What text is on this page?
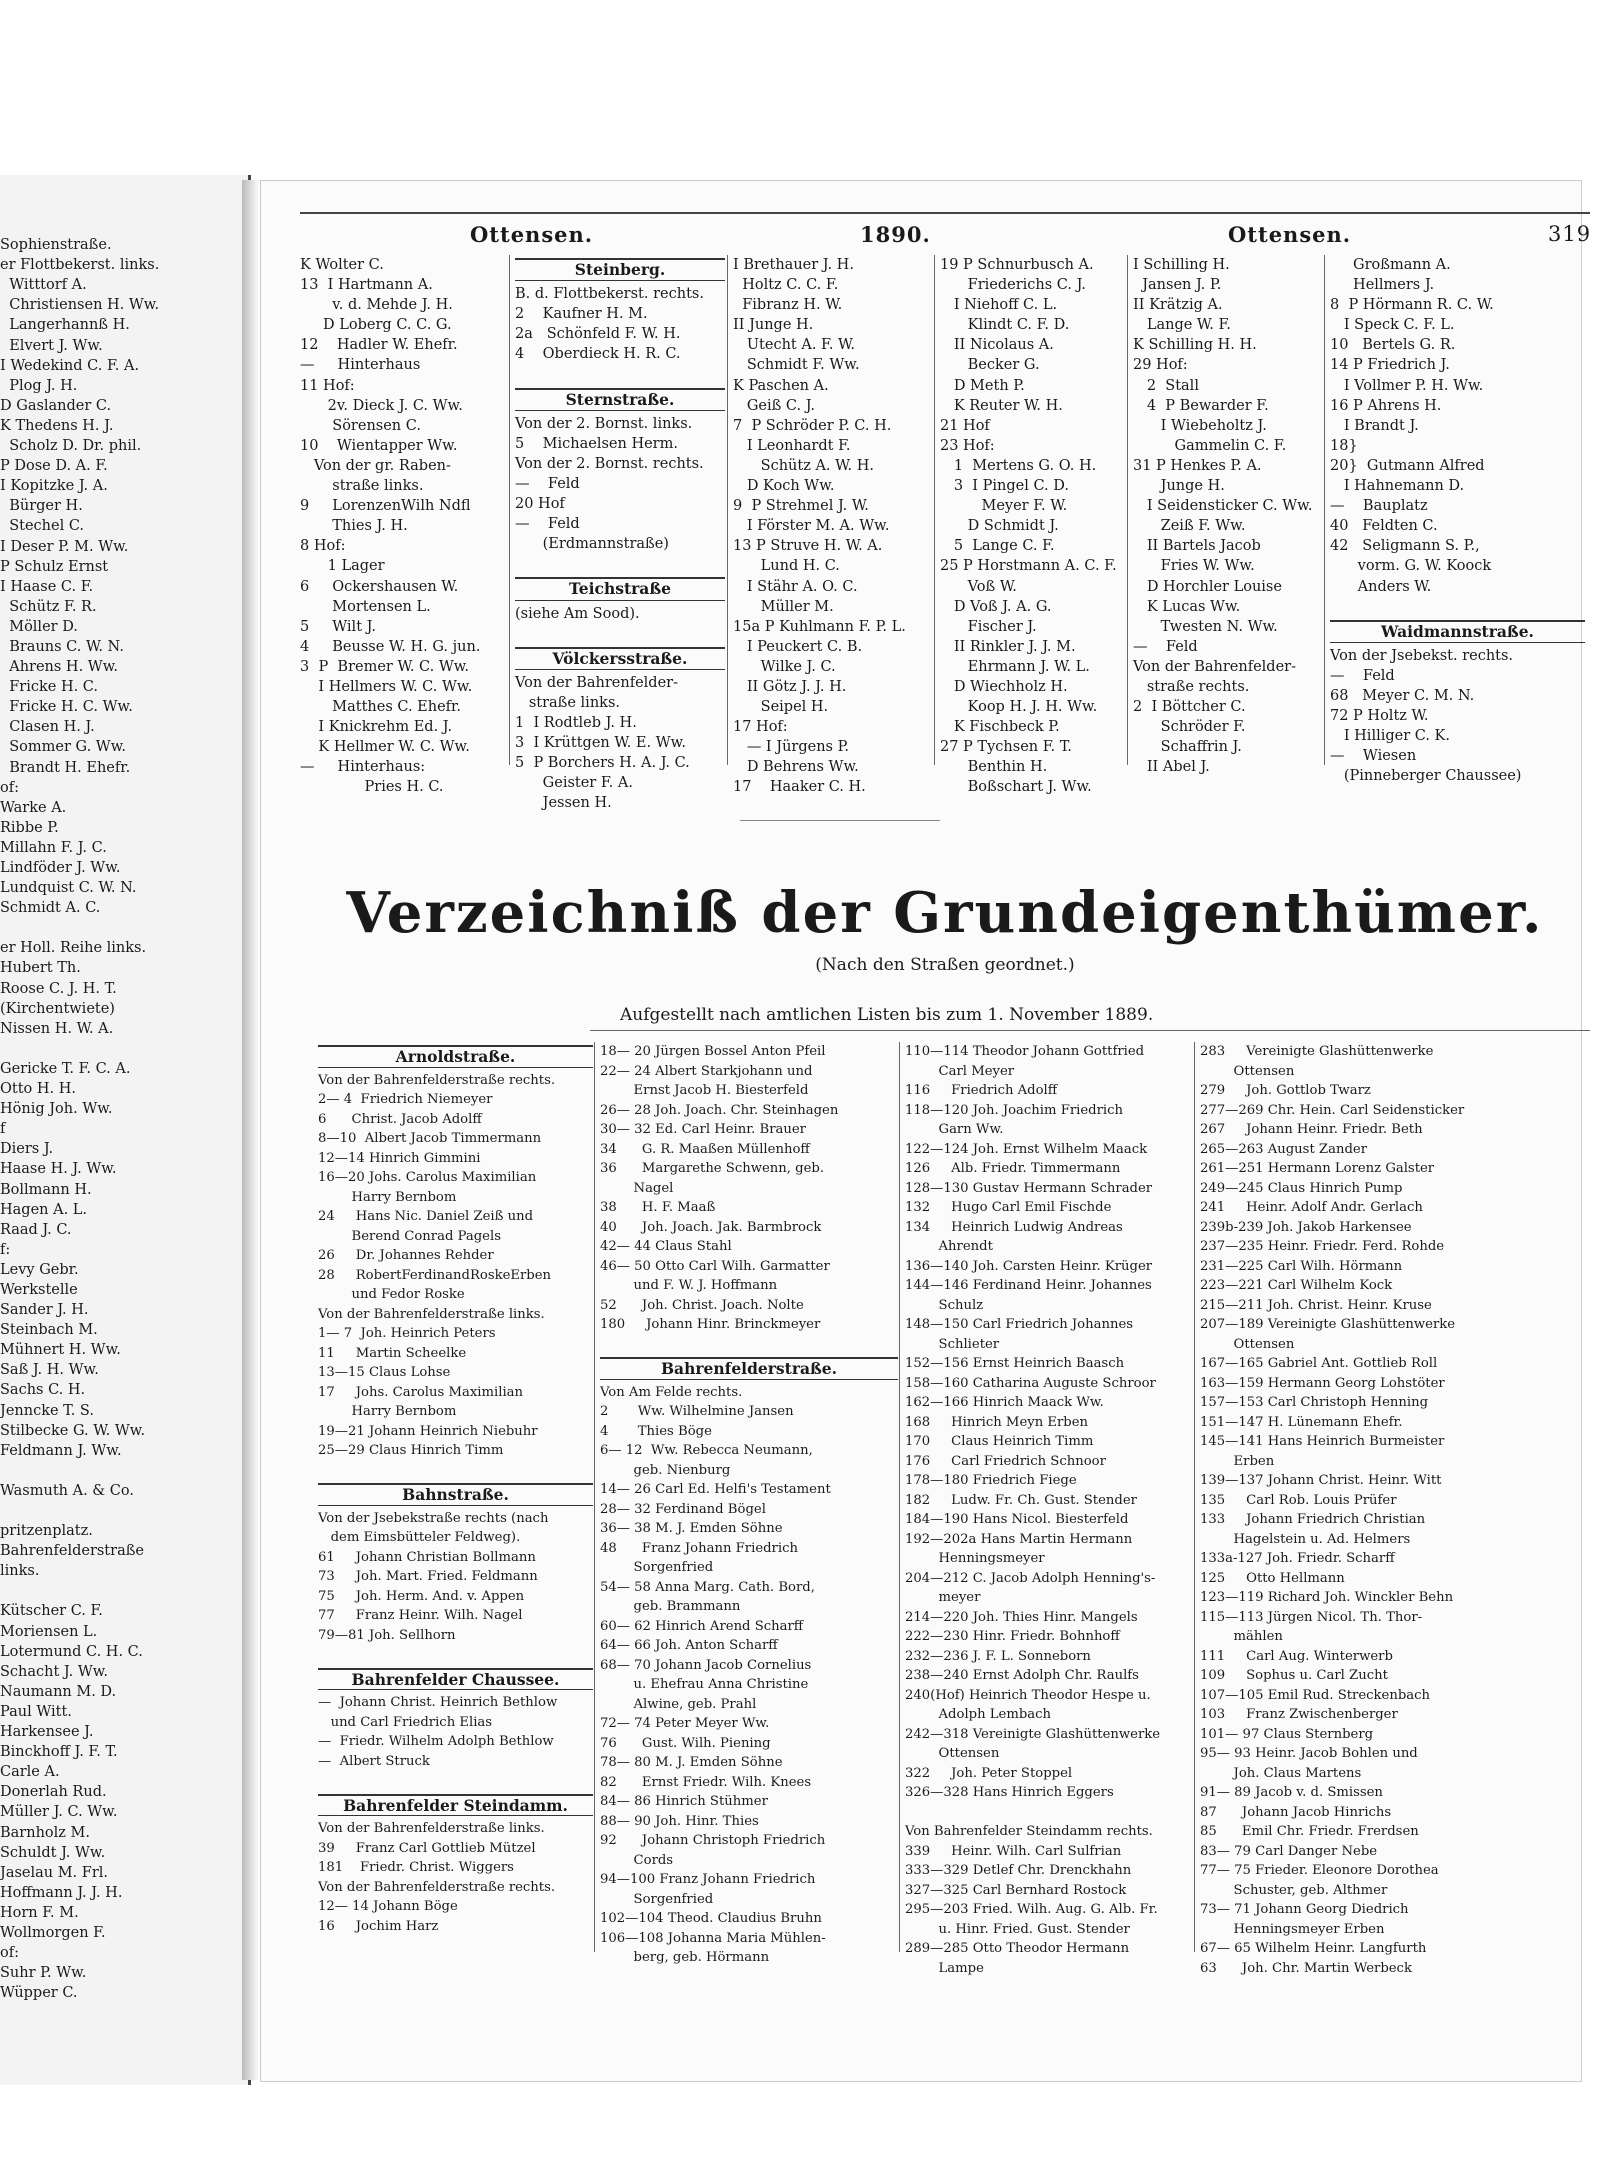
Sophienstraße.
er Flottbekerst. links.
Witttorf A.
Christiensen H. Ww.
Langerhannß H.
Elvert J. Ww.
I Wedekind C. F. A.
Plog J. H.
D Gaslander C.
K Thedens H. J.
Scholz D. Dr. phil.
P Dose D. A. F.
I Kopitzke J. A.
Bürger H.
Stechel C.
I Deser P. M. Ww.
P Schulz Ernst
I Haase C. F.
Schütz F. R.
Möller D.
Brauns C. W. N.
Ahrens H. Ww.
Fricke H. C.
Fricke H. C. Ww.
Clasen H. J.
Sommer G. Ww.
Brandt H. Ehefr.
of:
Warke A.
Ribbe P.
Millahn F. J. C.
Lindföder J. Ww.
Lundquist C. W. N.
Schmidt A. C.

er Holl. Reihe links.
Hubert Th.
Roose C. J. H. T.
(Kirchentwiete)
Nissen H. W. A.

Gericke T. F. C. A.
Otto H. H.
Hönig Joh. Ww.
f
Diers J.
Haase H. J. Ww.
Bollmann H.
Hagen A. L.
Raad J. C.
f:
Levy Gebr.
Werkstelle
Sander J. H.
Steinbach M.
Mühnert H. Ww.
Saß J. H. Ww.
Sachs C. H.
Jenncke T. S.
Stilbecke G. W. Ww.
Feldmann J. Ww.

Wasmuth A. & Co.

pritzenplatz.
Bahrenfelderstraße
links.

Kütscher C. F.
Moriensen L.
Lotermund C. H. C.
Schacht J. Ww.
Naumann M. D.
Paul Witt.
Harkensee J.
Binckhoff J. F. T.
Carle A.
Donerlah Rud.
Müller J. C. Ww.
Barnholz M.
Schuldt J. Ww.
Jaselau M. Frl.
Hoffmann J. J. H.
Horn F. M.
Wollmorgen F.
of:
Suhr P. Ww.
Wüpper C.
Ottensen.	1890.	Ottensen.	319
K Wolter C.
13  I Hartmann A.
v. d. Mehde J. H.
D Loberg C. C. G.
12    Hadler W. Ehefr.
—     Hinterhaus
11 Hof:
2v. Dieck J. C. Ww.
Sörensen C.
10    Wientapper Ww.
Von der gr. Raben-
straße links.
9     LorenzenWilh Ndfl
Thies J. H.
8 Hof:
1 Lager
6     Ockershausen W.
Mortensen L.
5     Wilt J.
4     Beusse W. H. G. jun.
3  P  Bremer W. C. Ww.
I Hellmers W. C. Ww.
Matthes C. Ehefr.
I Knickrehm Ed. J.
K Hellmer W. C. Ww.
—     Hinterhaus:
Pries H. C.
Steinberg.
B. d. Flottbekerst. rechts.
2    Kaufner H. M.
2a   Schönfeld F. W. H.
4    Oberdieck H. R. C.

Sternstraße.
Von der 2. Bornst. links.
5    Michaelsen Herm.
Von der 2. Bornst. rechts.
—    Feld
20 Hof
—    Feld
(Erdmannstraße)

Teichstraße
(siehe Am Sood).

Völckersstraße.
Von der Bahrenfelder-
straße links.
1  I Rodtleb J. H.
3  I Krüttgen W. E. Ww.
5  P Borchers H. A. J. C.
Geister F. A.
Jessen H.
I Brethauer J. H.
Holtz C. C. F.
Fibranz H. W.
II Junge H.
Utecht A. F. W.
Schmidt F. Ww.
K Paschen A.
Geiß C. J.
7  P Schröder P. C. H.
I Leonhardt F.
Schütz A. W. H.
D Koch Ww.
9  P Strehmel J. W.
I Förster M. A. Ww.
13 P Struve H. W. A.
Lund H. C.
I Stähr A. O. C.
Müller M.
15a P Kuhlmann F. P. L.
I Peuckert C. B.
Wilke J. C.
II Götz J. J. H.
Seipel H.
17 Hof:
— I Jürgens P.
D Behrens Ww.
17    Haaker C. H.
19 P Schnurbusch A.
Friederichs C. J.
I Niehoff C. L.
Klindt C. F. D.
II Nicolaus A.
Becker G.
D Meth P.
K Reuter W. H.
21 Hof
23 Hof:
1  Mertens G. O. H.
3  I Pingel C. D.
Meyer F. W.
D Schmidt J.
5  Lange C. F.
25 P Horstmann A. C. F.
Voß W.
D Voß J. A. G.
Fischer J.
II Rinkler J. J. M.
Ehrmann J. W. L.
D Wiechholz H.
Koop H. J. H. Ww.
K Fischbeck P.
27 P Tychsen F. T.
Benthin H.
Boßschart J. Ww.
I Schilling H.
Jansen J. P.
II Krätzig A.
Lange W. F.
K Schilling H. H.
29 Hof:
2  Stall
4  P Bewarder F.
I Wiebeholtz J.
Gammelin C. F.
31 P Henkes P. A.
Junge H.
I Seidensticker C. Ww.
Zeiß F. Ww.
II Bartels Jacob
Fries W. Ww.
D Horchler Louise
K Lucas Ww.
Twesten N. Ww.
—    Feld
Von der Bahrenfelder-
straße rechts.
2  I Böttcher C.
Schröder F.
Schaffrin J.
II Abel J.
Großmann A.
Hellmers J.
8  P Hörmann R. C. W.
I Speck C. F. L.
10   Bertels G. R.
14 P Friedrich J.
I Vollmer P. H. Ww.
16 P Ahrens H.
I Brandt J.
18}
20}  Gutmann Alfred
I Hahnemann D.
—    Bauplatz
40   Feldten C.
42   Seligmann S. P.,
vorm. G. W. Koock
Anders W.

Waidmannstraße.
Von der Jsebekst. rechts.
—    Feld
68   Meyer C. M. N.
72 P Holtz W.
I Hilliger C. K.
—    Wiesen
(Pinneberger Chaussee)
Verzeichniß der Grundeigenthümer.
(Nach den Straßen geordnet.)
Aufgestellt nach amtlichen Listen bis zum 1. November 1889.
Arnoldstraße.
Von der Bahrenfelderstraße rechts.
2— 4  Friedrich Niemeyer
6      Christ. Jacob Adolff
8—10  Albert Jacob Timmermann
12—14 Hinrich Gimmini
16—20 Johs. Carolus Maximilian
Harry Bernbom
24     Hans Nic. Daniel Zeiß und
Berend Conrad Pagels
26     Dr. Johannes Rehder
28     RobertFerdinandRoskeErben
und Fedor Roske
Von der Bahrenfelderstraße links.
1— 7  Joh. Heinrich Peters
11     Martin Scheelke
13—15 Claus Lohse
17     Johs. Carolus Maximilian
Harry Bernbom
19—21 Johann Heinrich Niebuhr
25—29 Claus Hinrich Timm

Bahnstraße.
Von der Jsebekstraße rechts (nach
dem Eimsbütteler Feldweg).
61     Johann Christian Bollmann
73     Joh. Mart. Fried. Feldmann
75     Joh. Herm. And. v. Appen
77     Franz Heinr. Wilh. Nagel
79—81 Joh. Sellhorn

Bahrenfelder Chaussee.
—  Johann Christ. Heinrich Bethlow
und Carl Friedrich Elias
—  Friedr. Wilhelm Adolph Bethlow
—  Albert Struck

Bahrenfelder Steindamm.
Von der Bahrenfelderstraße links.
39     Franz Carl Gottlieb Mützel
181    Friedr. Christ. Wiggers
Von der Bahrenfelderstraße rechts.
12— 14 Johann Böge
16     Jochim Harz
18— 20 Jürgen Bossel Anton Pfeil
22— 24 Albert Starkjohann und
Ernst Jacob H. Biesterfeld
26— 28 Joh. Joach. Chr. Steinhagen
30— 32 Ed. Carl Heinr. Brauer
34      G. R. Maaßen Müllenhoff
36      Margarethe Schwenn, geb.
Nagel
38      H. F. Maaß
40      Joh. Joach. Jak. Barmbrock
42— 44 Claus Stahl
46— 50 Otto Carl Wilh. Garmatter
und F. W. J. Hoffmann
52      Joh. Christ. Joach. Nolte
180     Johann Hinr. Brinckmeyer

Bahrenfelderstraße.
Von Am Felde rechts.
2       Ww. Wilhelmine Jansen
4       Thies Böge
6— 12  Ww. Rebecca Neumann,
geb. Nienburg
14— 26 Carl Ed. Helfi's Testament
28— 32 Ferdinand Bögel
36— 38 M. J. Emden Söhne
48      Franz Johann Friedrich
Sorgenfried
54— 58 Anna Marg. Cath. Bord,
geb. Brammann
60— 62 Hinrich Arend Scharff
64— 66 Joh. Anton Scharff
68— 70 Johann Jacob Cornelius
u. Ehefrau Anna Christine
Alwine, geb. Prahl
72— 74 Peter Meyer Ww.
76      Gust. Wilh. Piening
78— 80 M. J. Emden Söhne
82      Ernst Friedr. Wilh. Knees
84— 86 Hinrich Stühmer
88— 90 Joh. Hinr. Thies
92      Johann Christoph Friedrich
Cords
94—100 Franz Johann Friedrich
Sorgenfried
102—104 Theod. Claudius Bruhn
106—108 Johanna Maria Mühlen-
berg, geb. Hörmann
110—114 Theodor Johann Gottfried
Carl Meyer
116     Friedrich Adolff
118—120 Joh. Joachim Friedrich
Garn Ww.
122—124 Joh. Ernst Wilhelm Maack
126     Alb. Friedr. Timmermann
128—130 Gustav Hermann Schrader
132     Hugo Carl Emil Fischde
134     Heinrich Ludwig Andreas
Ahrendt
136—140 Joh. Carsten Heinr. Krüger
144—146 Ferdinand Heinr. Johannes
Schulz
148—150 Carl Friedrich Johannes
Schlieter
152—156 Ernst Heinrich Baasch
158—160 Catharina Auguste Schroor
162—166 Hinrich Maack Ww.
168     Hinrich Meyn Erben
170     Claus Heinrich Timm
176     Carl Friedrich Schnoor
178—180 Friedrich Fiege
182     Ludw. Fr. Ch. Gust. Stender
184—190 Hans Nicol. Biesterfeld
192—202a Hans Martin Hermann
Henningsmeyer
204—212 C. Jacob Adolph Henning's-
meyer
214—220 Joh. Thies Hinr. Mangels
222—230 Hinr. Friedr. Bohnhoff
232—236 J. F. L. Sonneborn
238—240 Ernst Adolph Chr. Raulfs
240(Hof) Heinrich Theodor Hespe u.
Adolph Lembach
242—318 Vereinigte Glashüttenwerke
Ottensen
322     Joh. Peter Stoppel
326—328 Hans Hinrich Eggers

Von Bahrenfelder Steindamm rechts.
339     Heinr. Wilh. Carl Sulfrian
333—329 Detlef Chr. Drenckhahn
327—325 Carl Bernhard Rostock
295—203 Fried. Wilh. Aug. G. Alb. Fr.
u. Hinr. Fried. Gust. Stender
289—285 Otto Theodor Hermann
Lampe
283     Vereinigte Glashüttenwerke
Ottensen
279     Joh. Gottlob Twarz
277—269 Chr. Hein. Carl Seidensticker
267     Johann Heinr. Friedr. Beth
265—263 August Zander
261—251 Hermann Lorenz Galster
249—245 Claus Hinrich Pump
241     Heinr. Adolf Andr. Gerlach
239b-239 Joh. Jakob Harkensee
237—235 Heinr. Friedr. Ferd. Rohde
231—225 Carl Wilh. Hörmann
223—221 Carl Wilhelm Kock
215—211 Joh. Christ. Heinr. Kruse
207—189 Vereinigte Glashüttenwerke
Ottensen
167—165 Gabriel Ant. Gottlieb Roll
163—159 Hermann Georg Lohstöter
157—153 Carl Christoph Henning
151—147 H. Lünemann Ehefr.
145—141 Hans Heinrich Burmeister
Erben
139—137 Johann Christ. Heinr. Witt
135     Carl Rob. Louis Prüfer
133     Johann Friedrich Christian
Hagelstein u. Ad. Helmers
133a-127 Joh. Friedr. Scharff
125     Otto Hellmann
123—119 Richard Joh. Winckler Behn
115—113 Jürgen Nicol. Th. Thor-
mählen
111     Carl Aug. Winterwerb
109     Sophus u. Carl Zucht
107—105 Emil Rud. Streckenbach
103     Franz Zwischenberger
101— 97 Claus Sternberg
95— 93 Heinr. Jacob Bohlen und
Joh. Claus Martens
91— 89 Jacob v. d. Smissen
87      Johann Jacob Hinrichs
85      Emil Chr. Friedr. Frerdsen
83— 79 Carl Danger Nebe
77— 75 Frieder. Eleonore Dorothea
Schuster, geb. Althmer
73— 71 Johann Georg Diedrich
Henningsmeyer Erben
67— 65 Wilhelm Heinr. Langfurth
63      Joh. Chr. Martin Werbeck
